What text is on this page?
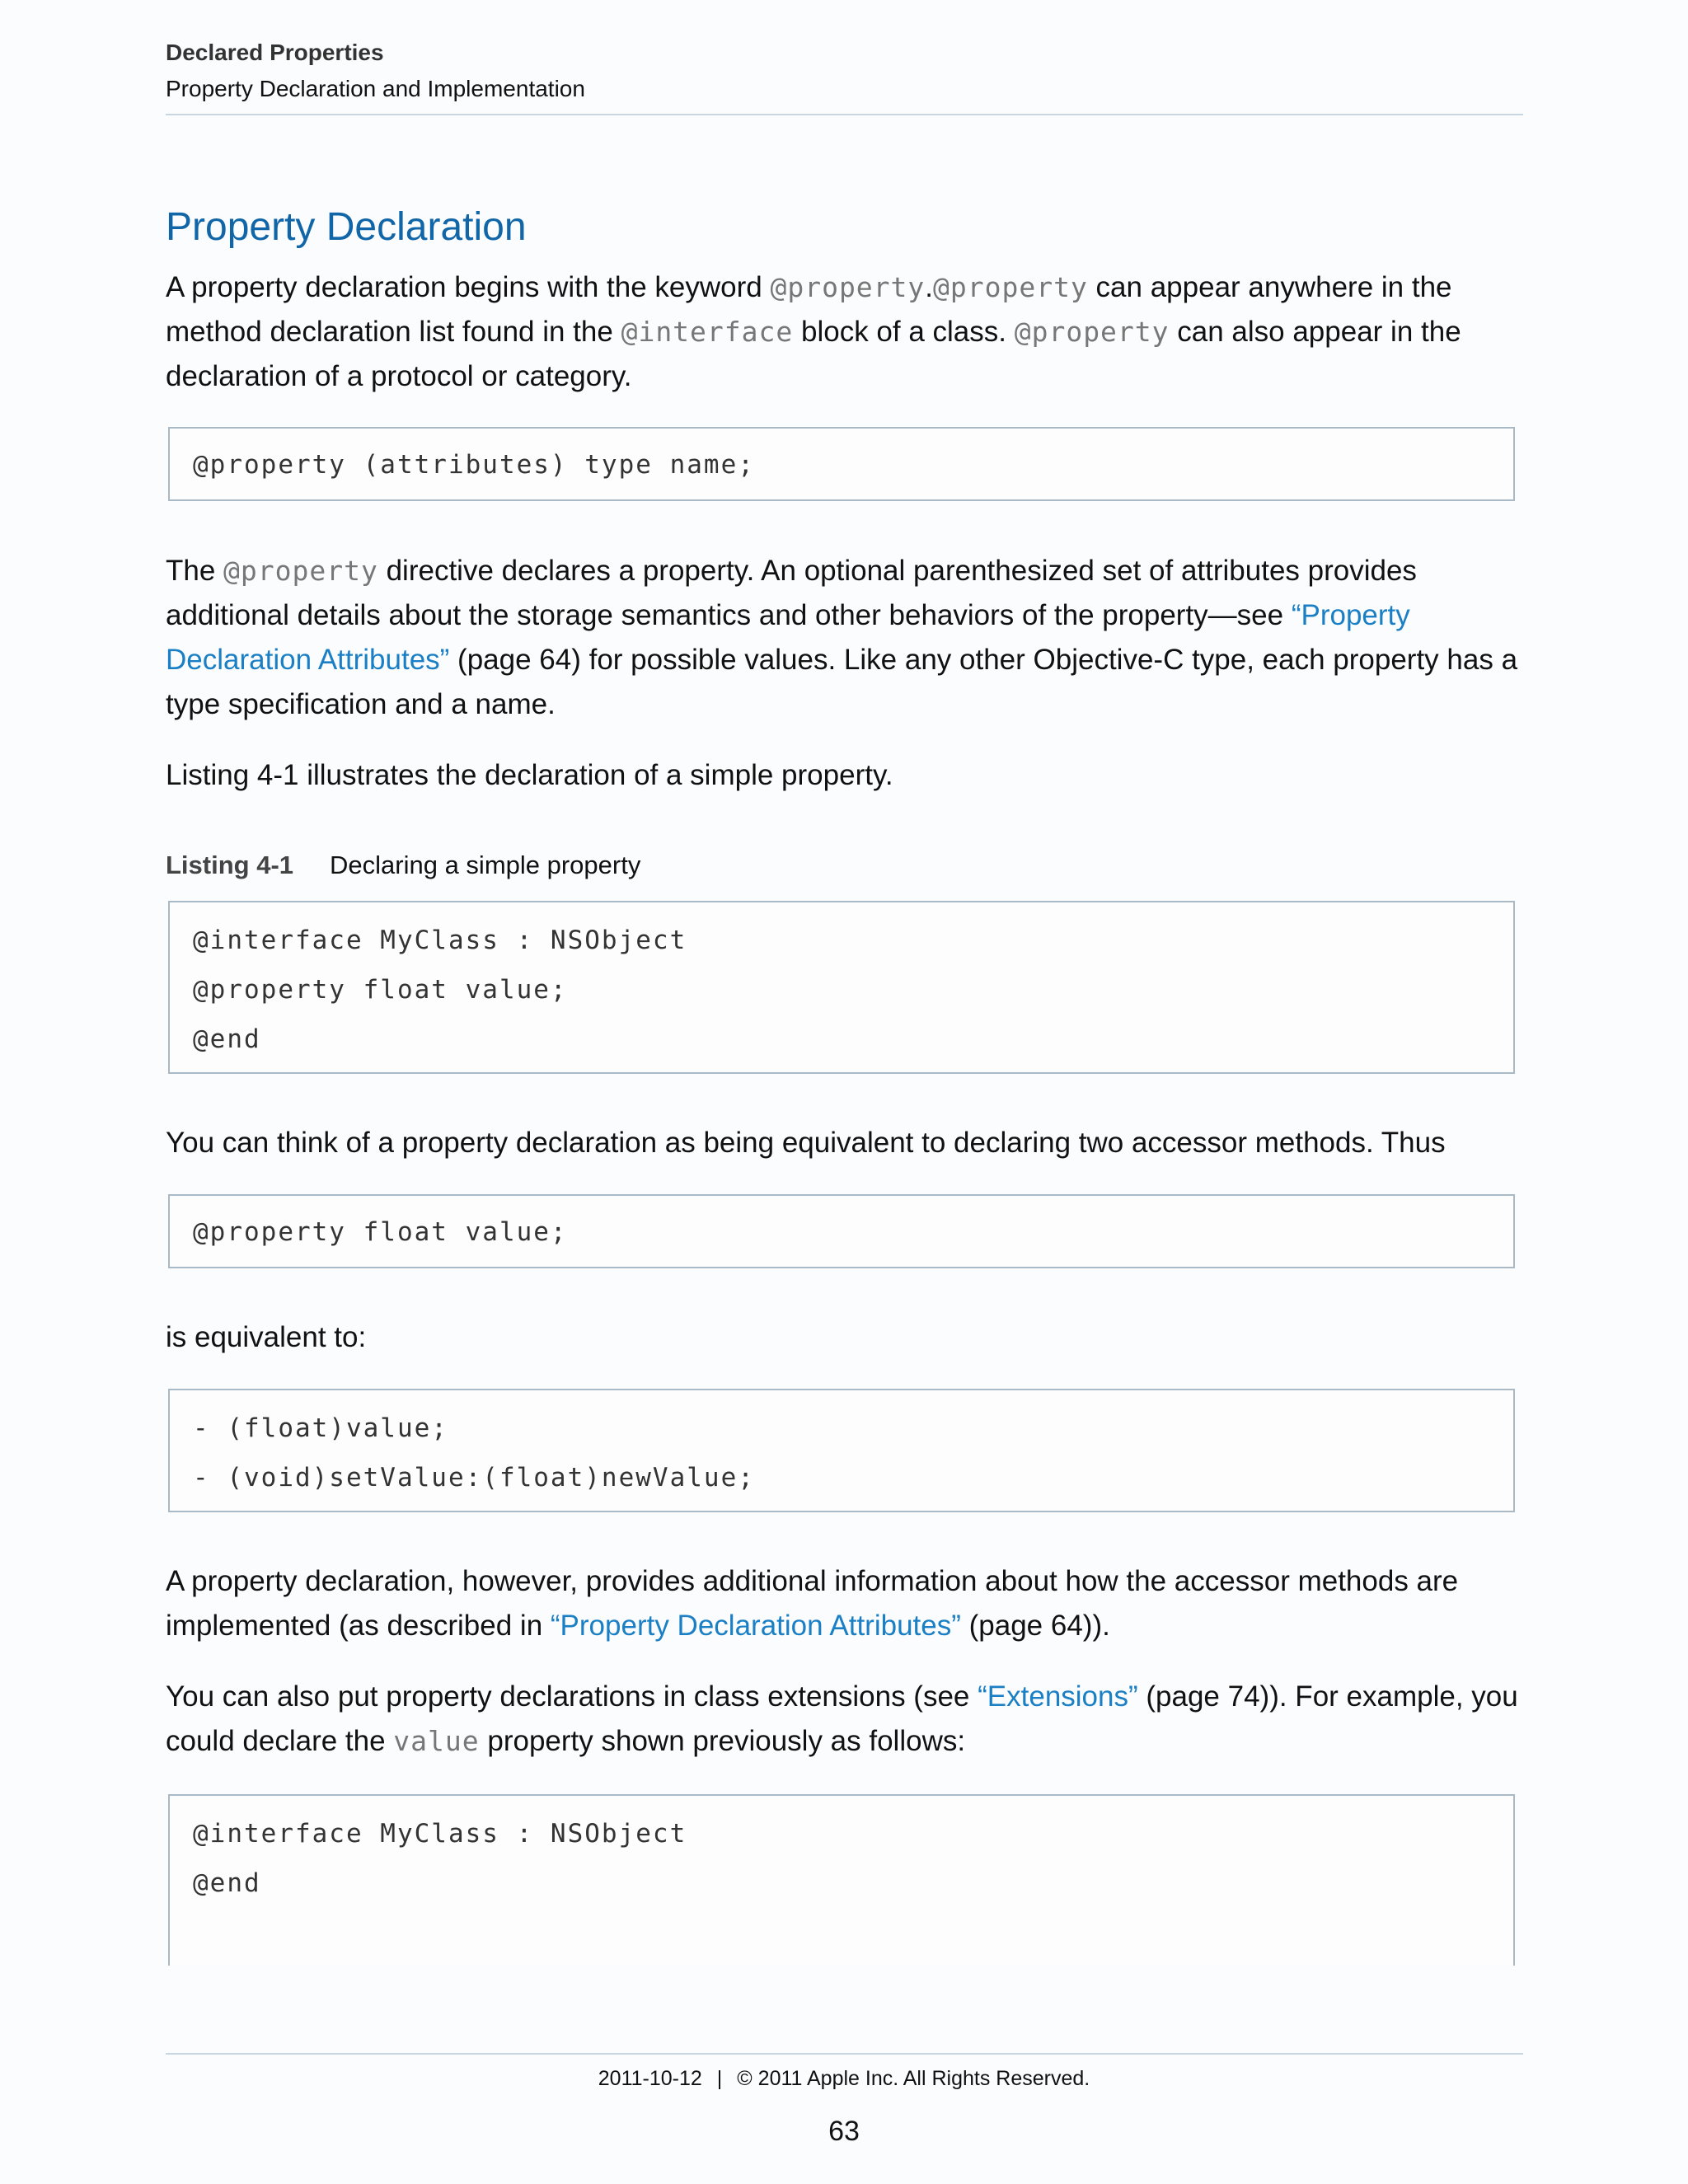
Declared Properties
Property Declaration and Implementation
Property Declaration

A property declaration begins with the keyword @property.@property can appear anywhere in the method declaration list found in the @interface block of a class. @property can also appear in the declaration of a protocol or category.

@property (attributes) type name;

The @property directive declares a property. An optional parenthesized set of attributes provides additional details about the storage semantics and other behaviors of the property—see “Property Declaration Attributes” (page 64) for possible values. Like any other Objective-C type, each property has a type specification and a name.

Listing 4-1 illustrates the declaration of a simple property.

Listing 4-1 Declaring a simple property
@interface MyClass : NSObject
@property float value;
@end

You can think of a property declaration as being equivalent to declaring two accessor methods. Thus

@property float value;

is equivalent to:

- (float)value;
- (void)setValue:(float)newValue;

A property declaration, however, provides additional information about how the accessor methods are implemented (as described in “Property Declaration Attributes” (page 64)).

You can also put property declarations in class extensions (see “Extensions” (page 74)). For example, you could declare the value property shown previously as follows:

@interface MyClass : NSObject
@end
2011-10-12 | © 2011 Apple Inc. All Rights Reserved.
63
